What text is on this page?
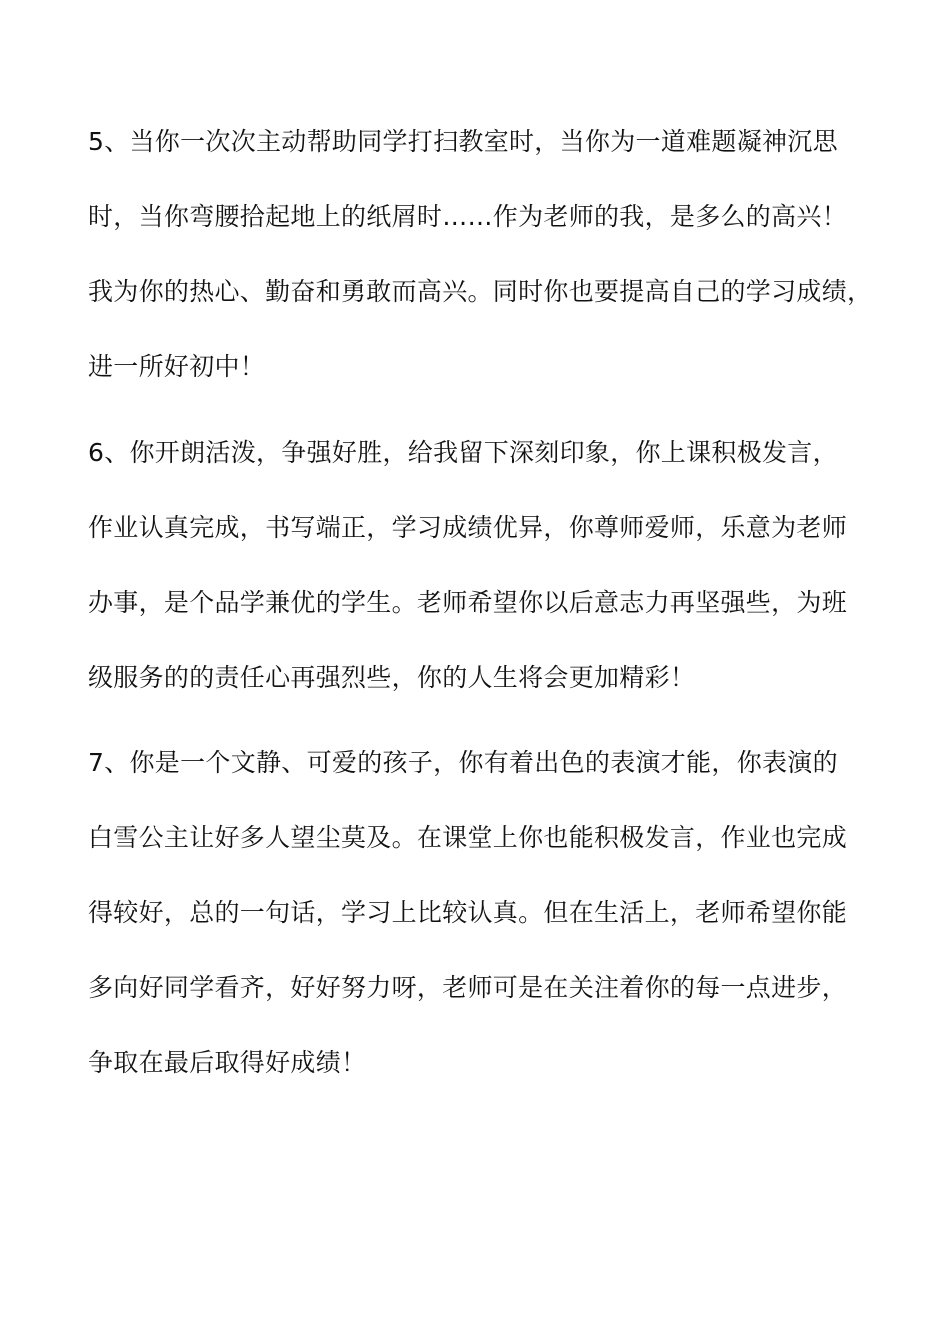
5、当你一次次主动帮助同学打扫教室时，当你为一道难题凝神沉思
时，当你弯腰拾起地上的纸屑时……作为老师的我，是多么的高兴！
我为你的热心、勤奋和勇敢而高兴。同时你也要提高自己的学习成绩，
进一所好初中！
6、你开朗活泼，争强好胜，给我留下深刻印象，你上课积极发言，
作业认真完成，书写端正，学习成绩优异，你尊师爱师，乐意为老师
办事，是个品学兼优的学生。老师希望你以后意志力再坚强些，为班
级服务的的责任心再强烈些，你的人生将会更加精彩！
7、你是一个文静、可爱的孩子，你有着出色的表演才能，你表演的
白雪公主让好多人望尘莫及。在课堂上你也能积极发言，作业也完成
得较好，总的一句话，学习上比较认真。但在生活上，老师希望你能
多向好同学看齐，好好努力呀，老师可是在关注着你的每一点进步，
争取在最后取得好成绩！
